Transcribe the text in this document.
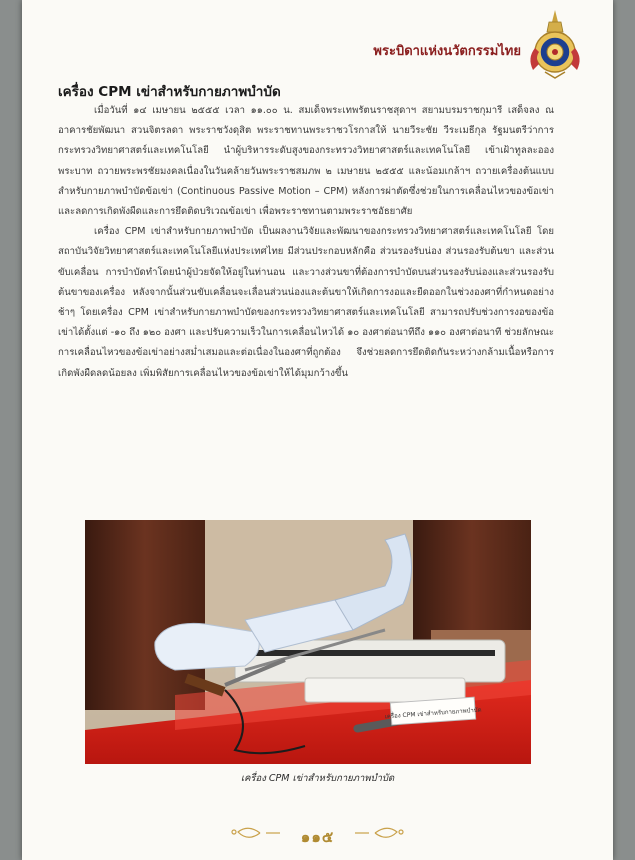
พระบิดาแห่งนวัตกรรมไทย
เครื่อง CPM เข่าสำหรับกายภาพบำบัด

เมื่อวันที่ ๑๔ เมษายน ๒๕๕๕ เวลา ๑๑.๐๐ น. สมเด็จพระเทพรัตนราชสุดาฯ สยามบรมราชกุมารี เสด็จลง ณ อาคารชัยพัฒนา สวนจิตรลดา พระราชวังดุสิต พระราชทานพระราชวโรกาสให้ นายวีระชัย วีระเมธีกุล รัฐมนตรีว่าการกระทรวงวิทยาศาสตร์และเทคโนโลยี นำผู้บริหารระดับสูงของกระทรวงวิทยาศาสตร์และเทคโนโลยี เข้าเฝ้าทูลละอองพระบาท ถวายพระพรชัยมงคลเนื่องในวันคล้ายวันพระราชสมภพ ๒ เมษายน ๒๕๕๕ และน้อมเกล้าฯ ถวายเครื่องต้นแบบสำหรับกายภาพบำบัดข้อเข่า (Continuous Passive Motion – CPM) หลังการผ่าตัดซึ่งช่วยในการเคลื่อนไหวของข้อเข่าและลดการเกิดพังผืดและการยึดติดบริเวณข้อเข่า เพื่อพระราชทานตามพระราชอัธยาศัย

เครื่อง CPM เข่าสำหรับกายภาพบำบัด เป็นผลงานวิจัยและพัฒนาของกระทรวงวิทยาศาสตร์และเทคโนโลยี โดยสถาบันวิจัยวิทยาศาสตร์และเทคโนโลยีแห่งประเทศไทย มีส่วนประกอบหลักคือ ส่วนรองรับน่อง ส่วนรองรับต้นขา และส่วนขับเคลื่อน การบำบัดทำโดยนำผู้ป่วยจัดให้อยู่ในท่านอน และวางส่วนขาที่ต้องการบำบัดบนส่วนรองรับน่องและส่วนรองรับต้นขาของเครื่อง หลังจากนั้นส่วนขับเคลื่อนจะเลื่อนส่วนน่องและต้นขาให้เกิดการงอและยืดออกในช่วงองศาที่กำหนดอย่างช้าๆ โดยเครื่อง CPM เข่าสำหรับกายภาพบำบัดของกระทรวงวิทยาศาสตร์และเทคโนโลยี สามารถปรับช่วงการงอของข้อเข่าได้ตั้งแต่ -๑๐ ถึง ๑๒๐ องศา และปรับความเร็วในการเคลื่อนไหวได้ ๑๐ องศาต่อนาทีถึง ๑๑๐ องศาต่อนาที ช่วยลักษณะการเคลื่อนไหวของข้อเข่าอย่างสม่ำเสมอและต่อเนื่องในองศาที่ถูกต้อง จึงช่วยลดการยึดติดกันระหว่างกล้ามเนื้อหรือการเกิดพังผืดลดน้อยลง เพิ่มพิสัยการเคลื่อนไหวของข้อเข่าให้ได้มุมกว้างขึ้น

เครื่อง CPM เข่าสำหรับกายภาพบำบัด
เครื่อง CPM เข่าสำหรับกายภาพบำบัด
๑๑๕
